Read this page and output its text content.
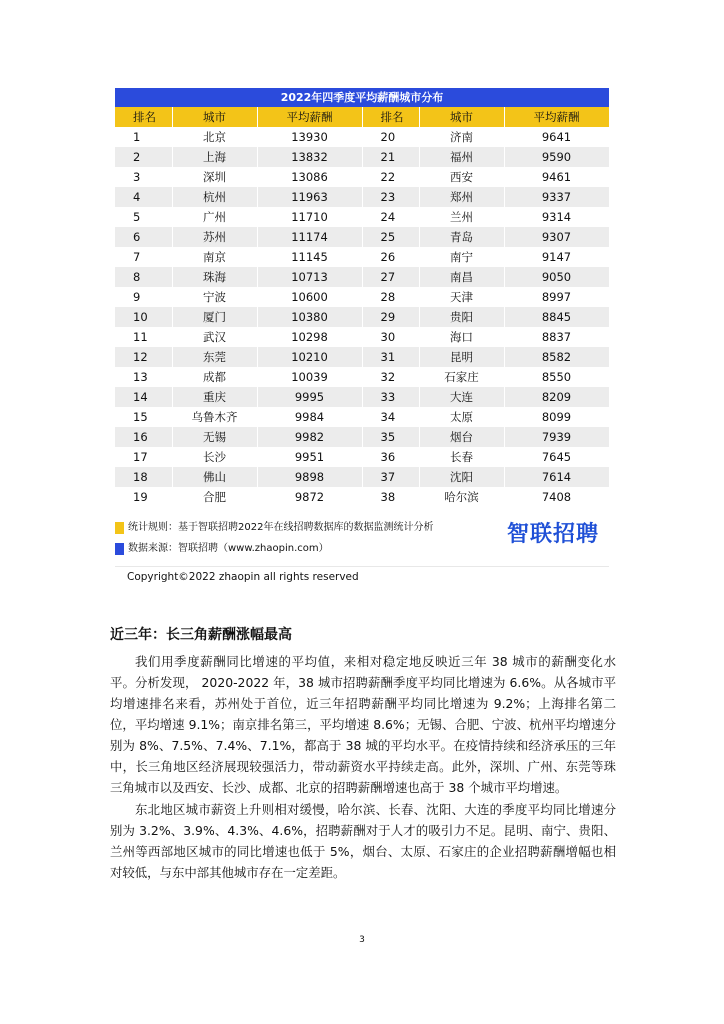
2022年四季度平均薪酬城市分布
排名	城市	平均薪酬	排名	城市	平均薪酬
1	北京	13930	20	济南	9641
2	上海	13832	21	福州	9590
3	深圳	13086	22	西安	9461
4	杭州	11963	23	郑州	9337
5	广州	11710	24	兰州	9314
6	苏州	11174	25	青岛	9307
7	南京	11145	26	南宁	9147
8	珠海	10713	27	南昌	9050
9	宁波	10600	28	天津	8997
10	厦门	10380	29	贵阳	8845
11	武汉	10298	30	海口	8837
12	东莞	10210	31	昆明	8582
13	成都	10039	32	石家庄	8550
14	重庆	9995	33	大连	8209
15	乌鲁木齐	9984	34	太原	8099
16	无锡	9982	35	烟台	7939
17	长沙	9951	36	长春	7645
18	佛山	9898	37	沈阳	7614
19	合肥	9872	38	哈尔滨	7408
统计规则：基于智联招聘2022年在线招聘数据库的数据监测统计分析
数据来源：智联招聘（www.zhaopin.com）
智联招聘
Copyright©2022 zhaopin all rights reserved
近三年：长三角薪酬涨幅最高

我们用季度薪酬同比增速的平均值，来相对稳定地反映近三年 38 城市的薪酬变化水平。分析发现， 2020-2022 年，38 城市招聘薪酬季度平均同比增速为 6.6%。从各城市平均增速排名来看，苏州处于首位，近三年招聘薪酬平均同比增速为 9.2%；上海排名第二位，平均增速 9.1%；南京排名第三，平均增速 8.6%；无锡、合肥、宁波、杭州平均增速分别为 8%、7.5%、7.4%、7.1%，都高于 38 城的平均水平。在疫情持续和经济承压的三年中，长三角地区经济展现较强活力，带动薪资水平持续走高。此外，深圳、广州、东莞等珠三角城市以及西安、长沙、成都、北京的招聘薪酬增速也高于 38 个城市平均增速。

东北地区城市薪资上升则相对缓慢，哈尔滨、长春、沈阳、大连的季度平均同比增速分别为 3.2%、3.9%、4.3%、4.6%，招聘薪酬对于人才的吸引力不足。昆明、南宁、贵阳、兰州等西部地区城市的同比增速也低于 5%，烟台、太原、石家庄的企业招聘薪酬增幅也相对较低，与东中部其他城市存在一定差距。

3
